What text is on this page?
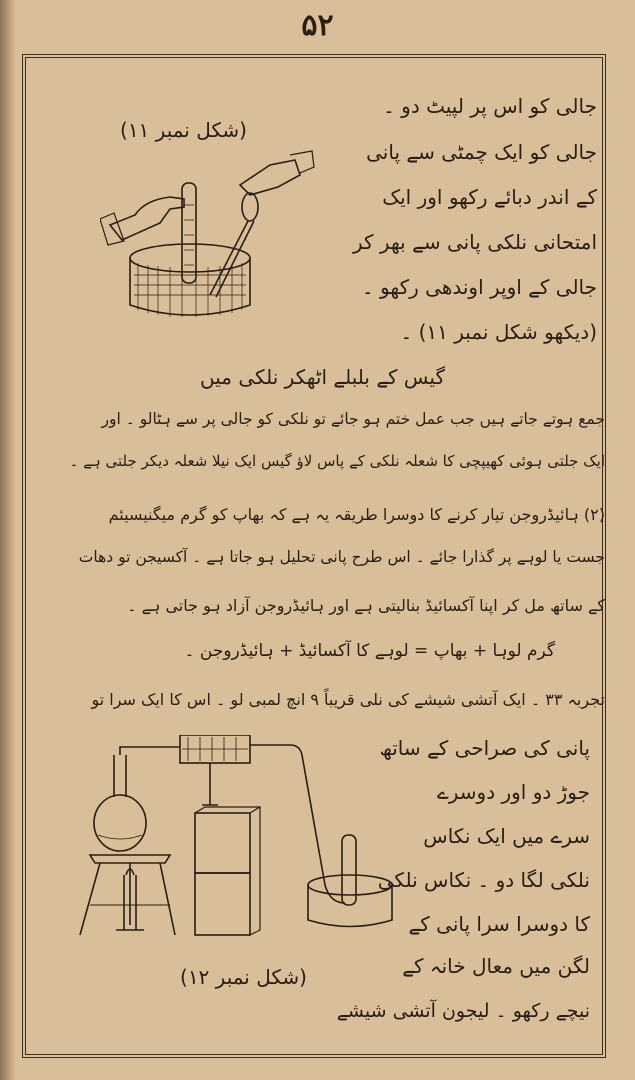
۵۲
(شکل نمبر ۱۱)
جالی کو اس پر لپیٹ دو ۔
جالی کو ایک چمٹی سے پانی
کے اندر دبائے رکھو اور ایک
امتحانی نلکی پانی سے بھر کر
جالی کے اوپر اوندھی رکھو ۔
(دیکھو شکل نمبر ۱۱) ۔
گیس کے بلبلے اٹھکر نلکی میں
جمع ہوتے جاتے ہیں جب عمل ختم ہو جائے تو نلکی کو جالی پر سے ہٹالو ۔ اور
ایک جلتی ہوئی کھیپچی کا شعلہ نلکی کے پاس لاؤ گیس ایک نیلا شعلہ دیکر جلتی ہے ۔
(۲) ہائیڈروجن تیار کرنے کا دوسرا طریقہ یہ ہے کہ بھاپ کو گرم میگنیسیئم
جست یا لوہے پر گذارا جائے ۔ اس طرح پانی تحلیل ہو جاتا ہے ۔ آکسیجن تو دھات
کے ساتھ مل کر اپنا آکسائیڈ بنالیتی ہے اور ہائیڈروجن آزاد ہو جاتی ہے ۔
گرم لوہا + بھاپ = لوہے کا آکسائیڈ + ہائیڈروجن ۔
تجربہ ۳۳ ۔ ایک آتشی شیشے کی نلی قریباً ۹ انچ لمبی لو ۔ اس کا ایک سرا تو
پانی کی صراحی کے ساتھ
جوڑ دو اور دوسرے
سرے میں ایک نکاس
نلکی لگا دو ۔ نکاس نلکی
کا دوسرا سرا پانی کے
لگن میں معال خانہ کے
نیچے رکھو ۔ لیجون آتشی شیشے
(شکل نمبر ۱۲)
